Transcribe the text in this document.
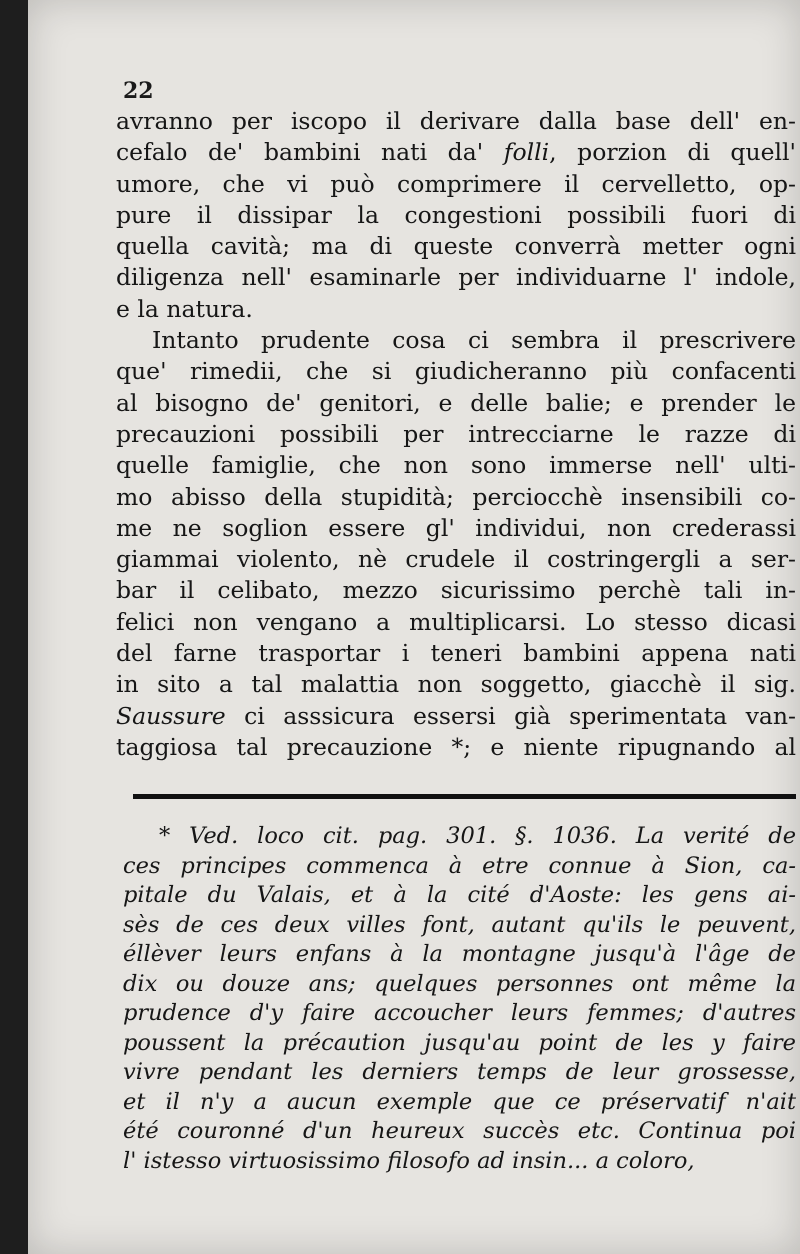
22
avranno per iscopo il derivare dalla base dell' en-
cefalo de' bambini nati da' folli, porzion di quell'
umore, che vi può comprimere il cervelletto, op-
pure il dissipar la congestioni possibili fuori di
quella cavità; ma di queste converrà metter ogni
diligenza nell' esaminarle per individuarne l' indole,
e la natura.
Intanto prudente cosa ci sembra il prescrivere
que' rimedii, che si giudicheranno più confacenti
al bisogno de' genitori, e delle balie; e prender le
precauzioni possibili per intrecciarne le razze di
quelle famiglie, che non sono immerse nell' ulti-
mo abisso della stupidità; perciocchè insensibili co-
me ne soglion essere gl' individui, non crederassi
giammai violento, nè crudele il costringergli a ser-
bar il celibato, mezzo sicurissimo perchè tali in-
felici non vengano a multiplicarsi. Lo stesso dicasi
del farne trasportar i teneri bambini appena nati
in sito a tal malattia non soggetto, giacchè il sig.
Saussure ci asssicura essersi già sperimentata van-
taggiosa tal precauzione *; e niente ripugnando al
* Ved. loco cit. pag. 301. §. 1036. La verité de
ces principes commenca à etre connue à Sion, ca-
pitale du Valais, et à la cité d'Aoste: les gens ai-
sès de ces deux villes font, autant qu'ils le peuvent,
éllèver leurs enfans à la montagne jusqu'à l'âge de
dix ou douze ans; quelques personnes ont même la
prudence d'y faire accoucher leurs femmes; d'autres
poussent la précaution jusqu'au point de les y faire
vivre pendant les derniers temps de leur grossesse,
et il n'y a aucun exemple que ce préservatif n'ait
été couronné d'un heureux succès etc. Continua poi
l' istesso virtuosissimo filosofo ad insin... a coloro,
